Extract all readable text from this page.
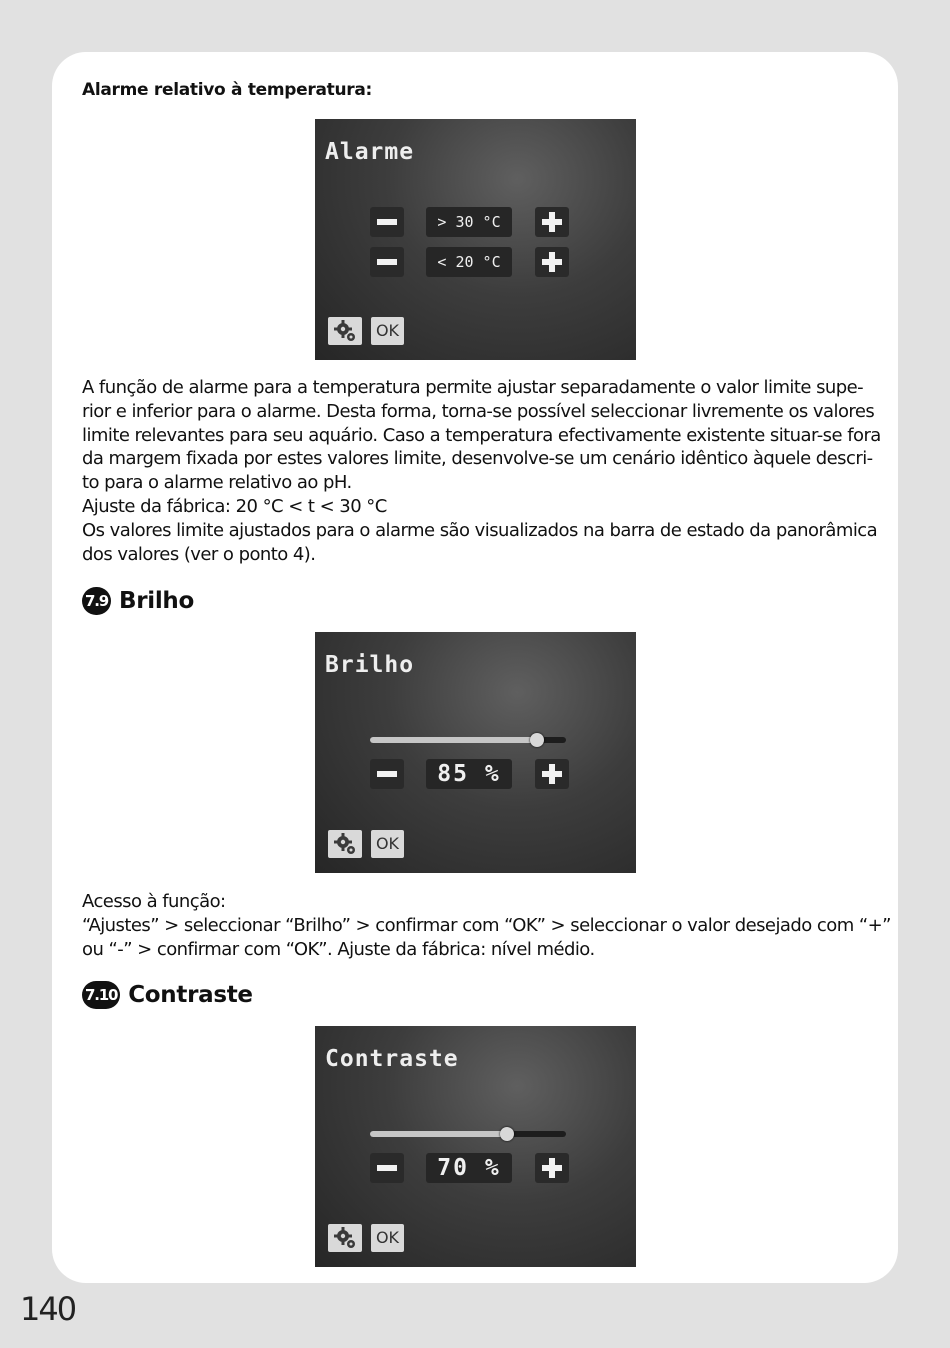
Alarme relativo à temperatura:
Alarme
> 30 °C
< 20 °C
OK
A função de alarme para a temperatura permite ajustar separadamente o valor limite supe-
rior e inferior para o alarme. Desta forma, torna-se possível seleccionar livremente os valores
limite relevantes para seu aquário. Caso a temperatura efectivamente existente situar-se fora
da margem fixada por estes valores limite, desenvolve-se um cenário idêntico àquele descri-
to para o alarme relativo ao pH.
Ajuste da fábrica: 20 °C < t < 30 °C
Os valores limite ajustados para o alarme são visualizados na barra de estado da panorâmica
dos valores (ver o ponto 4).
7.9 Brilho
Brilho
85 %
OK
Acesso à função:
“Ajustes” > seleccionar “Brilho” > confirmar com “OK” > seleccionar o valor desejado com “+”
ou “-” > confirmar com “OK”. Ajuste da fábrica: nível médio.
7.10 Contraste
Contraste
70 %
OK
140
